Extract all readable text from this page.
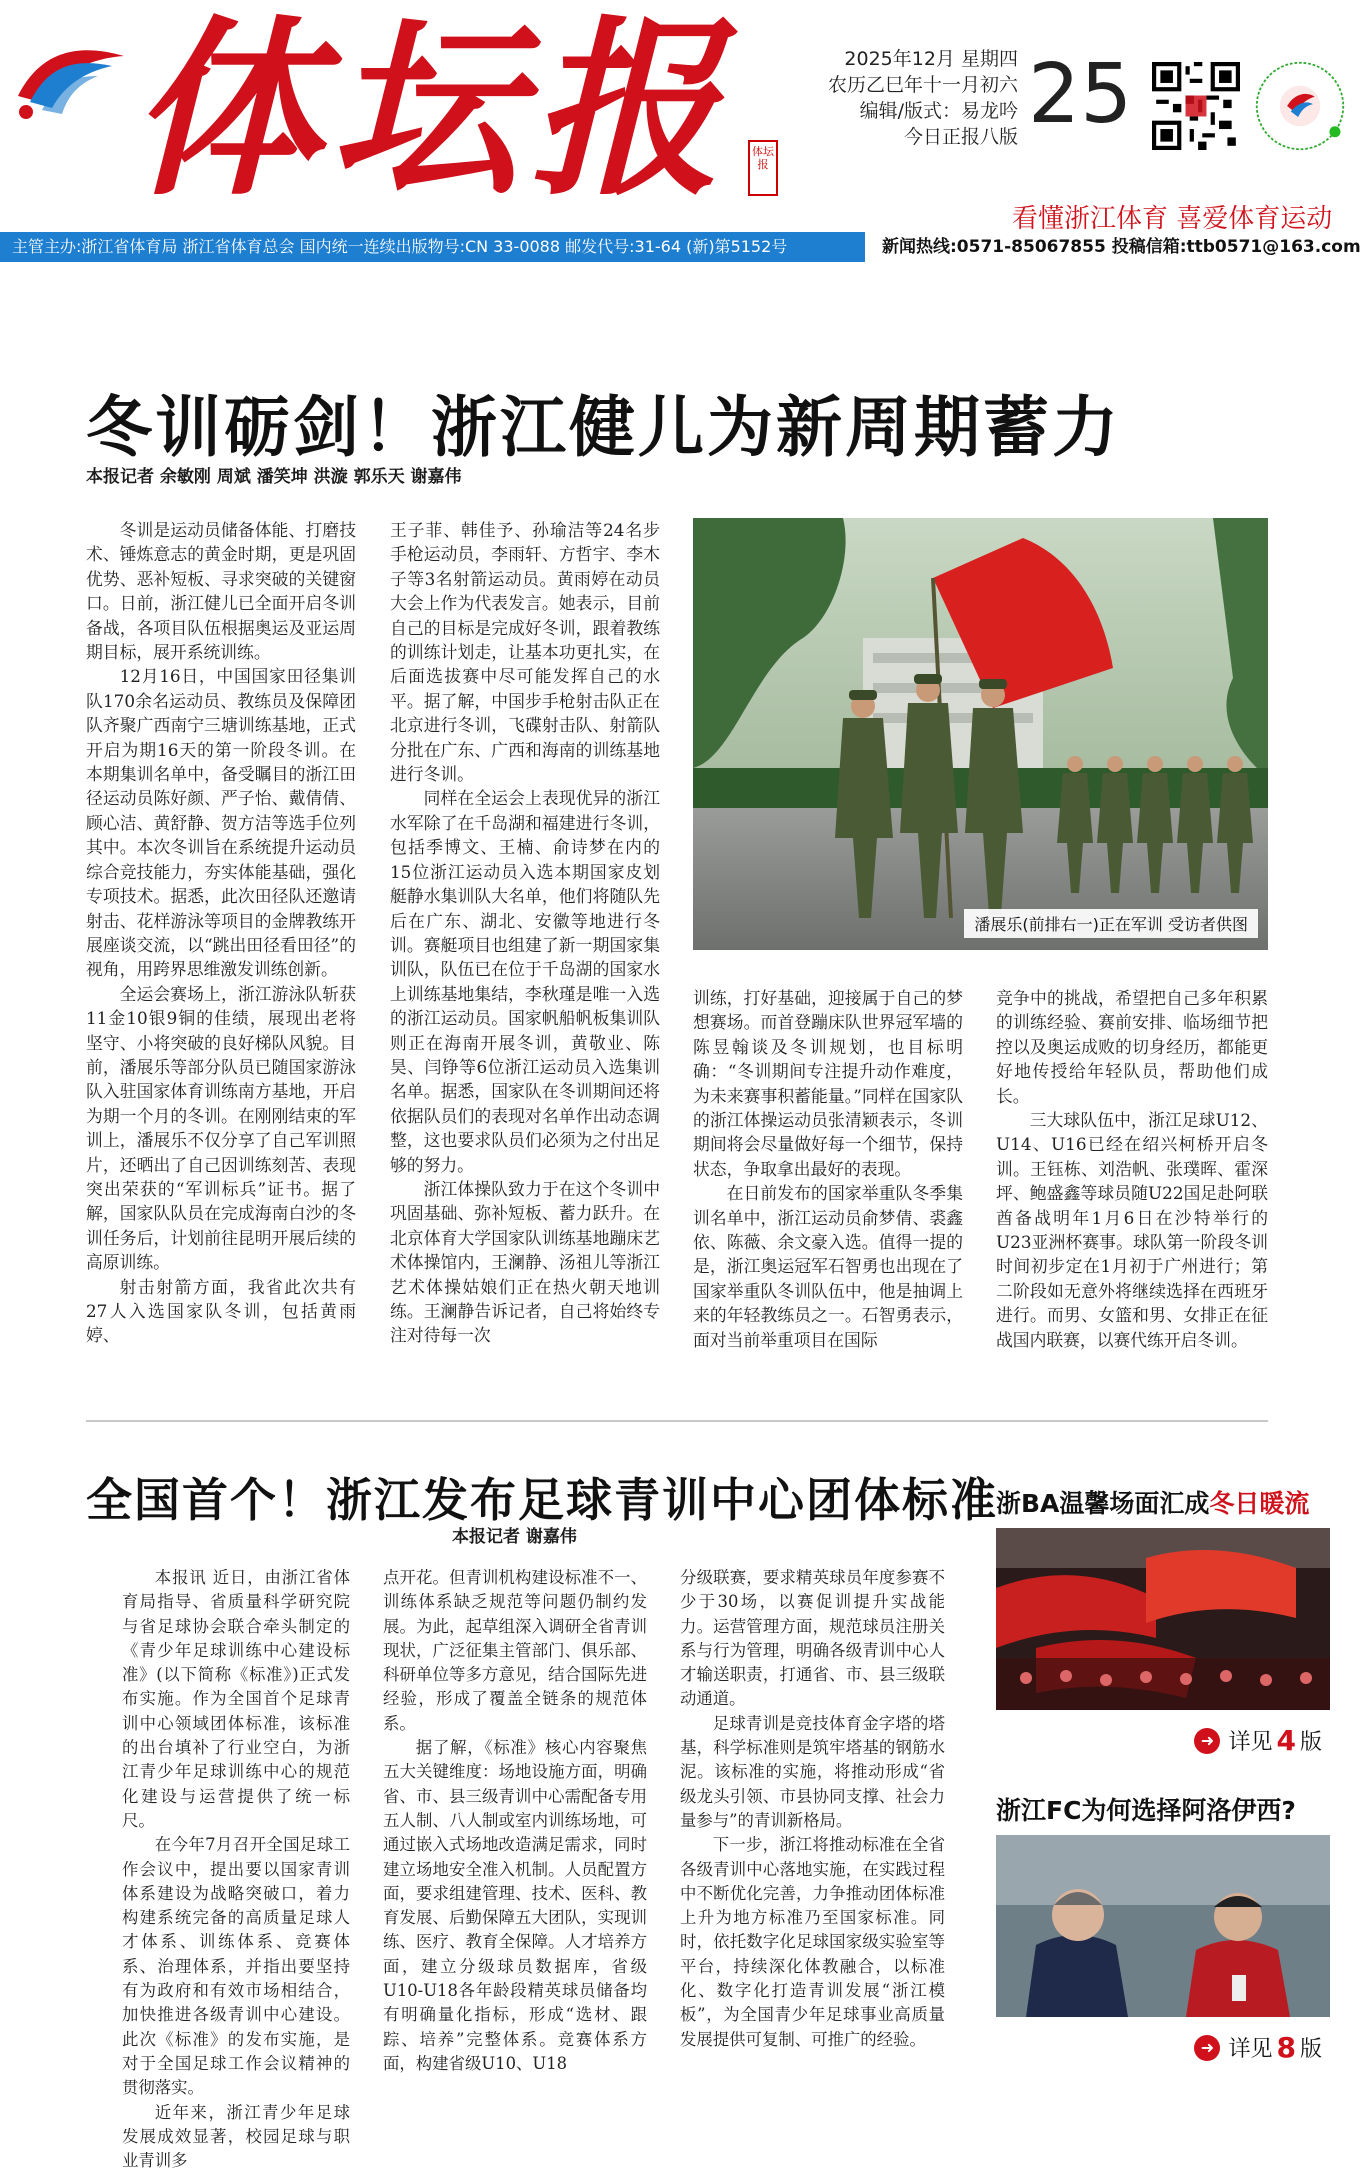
体坛报	体坛报
2025年12月 星期四
农历乙巳年十一月初六
编辑/版式：易龙吟
今日正报八版 25
看懂浙江体育 喜爱体育运动
主管主办:浙江省体育局 浙江省体育总会 国内统一连续出版物号:CN 33-0088 邮发代号:31-64 (新)第5152号	新闻热线:0571-85067855 投稿信箱:ttb0571@163.com
冬训砺剑！浙江健儿为新周期蓄力
本报记者 余敏刚 周斌 潘笑坤 洪漩 郭乐天 谢嘉伟

冬训是运动员储备体能、打磨技术、锤炼意志的黄金时期，更是巩固优势、恶补短板、寻求突破的关键窗口。日前，浙江健儿已全面开启冬训备战，各项目队伍根据奥运及亚运周期目标，展开系统训练。

12月16日，中国国家田径集训队170余名运动员、教练员及保障团队齐聚广西南宁三塘训练基地，正式开启为期16天的第一阶段冬训。在本期集训名单中，备受瞩目的浙江田径运动员陈好颜、严子怡、戴倩倩、顾心洁、黄舒静、贺方洁等选手位列其中。本次冬训旨在系统提升运动员综合竞技能力，夯实体能基础，强化专项技术。据悉，此次田径队还邀请射击、花样游泳等项目的金牌教练开展座谈交流，以“跳出田径看田径”的视角，用跨界思维激发训练创新。

全运会赛场上，浙江游泳队斩获11金10银9铜的佳绩，展现出老将坚守、小将突破的良好梯队风貌。目前，潘展乐等部分队员已随国家游泳队入驻国家体育训练南方基地，开启为期一个月的冬训。在刚刚结束的军训上，潘展乐不仅分享了自己军训照片，还晒出了自己因训练刻苦、表现突出荣获的“军训标兵”证书。据了解，国家队队员在完成海南白沙的冬训任务后，计划前往昆明开展后续的高原训练。

射击射箭方面，我省此次共有27人入选国家队冬训，包括黄雨婷、

王子菲、韩佳予、孙瑜洁等24名步手枪运动员，李雨轩、方哲宇、李木子等3名射箭运动员。黄雨婷在动员大会上作为代表发言。她表示，目前自己的目标是完成好冬训，跟着教练的训练计划走，让基本功更扎实，在后面选拔赛中尽可能发挥自己的水平。据了解，中国步手枪射击队正在北京进行冬训，飞碟射击队、射箭队分批在广东、广西和海南的训练基地进行冬训。

同样在全运会上表现优异的浙江水军除了在千岛湖和福建进行冬训，包括季博文、王楠、俞诗梦在内的15位浙江运动员入选本期国家皮划艇静水集训队大名单，他们将随队先后在广东、湖北、安徽等地进行冬训。赛艇项目也组建了新一期国家集训队，队伍已在位于千岛湖的国家水上训练基地集结，李秋瑾是唯一入选的浙江运动员。国家帆船帆板集训队则正在海南开展冬训，黄敬业、陈昊、闫铮等6位浙江运动员入选集训名单。据悉，国家队在冬训期间还将依据队员们的表现对名单作出动态调整，这也要求队员们必须为之付出足够的努力。

浙江体操队致力于在这个冬训中巩固基础、弥补短板、蓄力跃升。在北京体育大学国家队训练基地蹦床艺术体操馆内，王澜静、汤祖儿等浙江艺术体操姑娘们正在热火朝天地训练。王澜静告诉记者，自己将始终专注对待每一次

潘展乐(前排右一)正在军训 受访者供图

训练，打好基础，迎接属于自己的梦想赛场。而首登蹦床队世界冠军墙的陈昱翰谈及冬训规划，也目标明确：“冬训期间专注提升动作难度，为未来赛事积蓄能量。”同样在国家队的浙江体操运动员张清颖表示，冬训期间将会尽量做好每一个细节，保持状态，争取拿出最好的表现。

在日前发布的国家举重队冬季集训名单中，浙江运动员俞梦倩、裘鑫依、陈薇、余文豪入选。值得一提的是，浙江奥运冠军石智勇也出现在了国家举重队冬训队伍中，他是抽调上来的年轻教练员之一。石智勇表示，面对当前举重项目在国际

竞争中的挑战，希望把自己多年积累的训练经验、赛前安排、临场细节把控以及奥运成败的切身经历，都能更好地传授给年轻队员，帮助他们成长。

三大球队伍中，浙江足球U12、U14、U16已经在绍兴柯桥开启冬训。王钰栋、刘浩帆、张璞晖、霍深坪、鲍盛鑫等球员随U22国足赴阿联酋备战明年1月6日在沙特举行的U23亚洲杯赛事。球队第一阶段冬训时间初步定在1月初于广州进行；第二阶段如无意外将继续选择在西班牙进行。而男、女篮和男、女排正在征战国内联赛，以赛代练开启冬训。

全国首个！浙江发布足球青训中心团体标准
本报记者 谢嘉伟

本报讯 近日，由浙江省体育局指导、省质量科学研究院与省足球协会联合牵头制定的《青少年足球训练中心建设标准》(以下简称《标准》)正式发布实施。作为全国首个足球青训中心领域团体标准，该标准的出台填补了行业空白，为浙江青少年足球训练中心的规范化建设与运营提供了统一标尺。

在今年7月召开全国足球工作会议中，提出要以国家青训体系建设为战略突破口，着力构建系统完备的高质量足球人才体系、训练体系、竞赛体系、治理体系，并指出要坚持有为政府和有效市场相结合，加快推进各级青训中心建设。此次《标准》的发布实施，是对于全国足球工作会议精神的贯彻落实。

近年来，浙江青少年足球发展成效显著，校园足球与职业青训多

点开花。但青训机构建设标准不一、训练体系缺乏规范等问题仍制约发展。为此，起草组深入调研全省青训现状，广泛征集主管部门、俱乐部、科研单位等多方意见，结合国际先进经验，形成了覆盖全链条的规范体系。

据了解，《标准》核心内容聚焦五大关键维度：场地设施方面，明确省、市、县三级青训中心需配备专用五人制、八人制或室内训练场地，可通过嵌入式场地改造满足需求，同时建立场地安全准入机制。人员配置方面，要求组建管理、技术、医科、教育发展、后勤保障五大团队，实现训练、医疗、教育全保障。人才培养方面，建立分级球员数据库，省级U10-U18各年龄段精英球员储备均有明确量化指标，形成“选材、跟踪、培养”完整体系。竞赛体系方面，构建省级U10、U18

分级联赛，要求精英球员年度参赛不少于30场，以赛促训提升实战能力。运营管理方面，规范球员注册关系与行为管理，明确各级青训中心人才输送职责，打通省、市、县三级联动通道。

足球青训是竞技体育金字塔的塔基，科学标准则是筑牢塔基的钢筋水泥。该标准的实施，将推动形成“省级龙头引领、市县协同支撑、社会力量参与”的青训新格局。

下一步，浙江将推动标准在全省各级青训中心落地实施，在实践过程中不断优化完善，力争推动团体标准上升为地方标准乃至国家标准。同时，依托数字化足球国家级实验室等平台，持续深化体教融合，以标准化、数字化打造青训发展“浙江模板”，为全国青少年足球事业高质量发展提供可复制、可推广的经验。

浙BA温馨场面汇成冬日暖流
➜ 详见 4 版
浙江FC为何选择阿洛伊西?
➜ 详见 8 版
